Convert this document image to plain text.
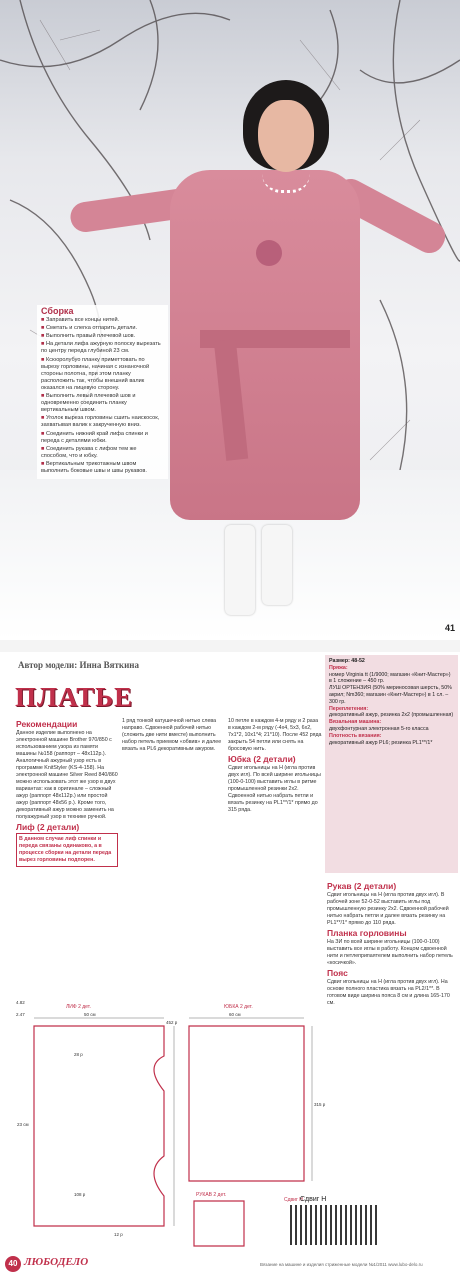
Сборка

■ Заправить все концы нитей.

■ Сметать и слегка отпарить детали.

■ Выполнить правый плечевой шов.

■ На детали лифа ажурную полоску вырезать по центру переда глубиной 23 см.

■ Ксюоролубуо планку приметтовать по вырезу горловины, начиная с изнаночной стороны полотна, при этом планку расположить так, чтобы внешний валик оказался на лицевую сторону.

■ Выполнить левый плечевой шов и одновременно соединить планку вертикальным швом.

■ Уголок выреза горловины сшить наискосок, захватывая валик к закрученную вниз.

■ Соединить нижний край лифа спинки и переда с деталями юбки.

■ Соединить рукава с лифом тем же способом, что и юбку.

■ Вертикальным трикотажным швом выполнить боковые швы и швы рукавов.

41
Автор модели: Инна Вяткина
ПЛАТЬЕ
Рекомендации

Данное изделие выполнено на электронной машине Brother 970/850 с использованием узора из памяти машины №158 (раппорт – 48х112р.). Аналогичный ажурный узор есть в программе KnitStyler (KS-4-158). На электронной машине Silver Reed 840/860 можно использовать этот же узор в двух вариантах: как в оригинале – сложный ажур (раппорт 48х112р.) или простой ажур (раппорт 48х56 р.). Кроме того, декоративный ажур можно заменить на полуажурный узор в технике ручной.

Лиф (2 детали)

В данном случае лиф спинки и переда связаны одинаково, а в процессе сборки на детали переда вырез горловины подпорен.

1 ряд тонкой катушечной нитью слева направо. Сдвоенной рабочей нитью (сложить две нити вместе) выполнить набор петель приемом «обвив» и далее вязать на PL6 декоративным ажуром.

10 петле в каждом 4-м ряду и 2 раза в каждом 2-м ряду (-4х4, 5х3, 6х2, 7х1*2, 10х1*4; 21*10). После 452 ряда закрыть 54 петли или снять на бросовую нить.

Юбка (2 детали)

Сдвиг игольницы на Н (игла против двух игл). По всей ширине игольницы (100-0-100) выставить иглы в ритме промышленной резинки 2х2. Сдвоенной нитью набрать петли и вязать резинку на PL1**/1* прямо до 315 ряда.

Размер: 48-52
Пряжа:
номер Virginia tt (1/9000; магазин «Книт-Мастер») в 1 сложение – 450 гр.
ЛУШ ОРТЕНЗИЯ (50% мериносовая шерсть, 50% акрил; Nm360; магазин «Книт-Мастер») в 1 сл. – 300 гр.
Переплетения:
декоративный ажур, резинка 2х2 (промышленная)
Вязальная машина:
двухфонтурная электронная 5-го класса
Плотность вязания:
декоративный ажур PL6; резинка PL1**/1*
Рукав (2 детали)

Сдвиг игольницы на Н (игла против двух игл). В рабочей зоне 52-0-52 выставить иглы под промышленную резинку 2х2. Сдвоенной рабочей нитью набрать петли и далее вязать резинку на PL1**/1* прямо до 110 ряда.

Планка горловины

На ЗИ по всей ширине игольницы (100-0-100) выставить все иглы в работу. Концом сдвоенной нити и петлеприпаятелем выполнить набор петель «косичкой».

Пояс

Сдвиг игольницы на Н (игла против двух игл). На основе полного пластика вязать на PL2/1**. В готовом виде ширина пояса 8 см и длина 165-170 см.

ЛИФ 2 дет.	ЮБКА 2 дет.
РУКАВ 2 дет.
Сдвиг Н
4.82
2.47	50 см
23 см
452 р
28 р
108 р
12 р
60 см
315 р
Сдвиг Н
40 ЛЮБОДЕЛО	Вязание на машине и изделия стриженные модели №1/2011 www.lubo-delo.ru
